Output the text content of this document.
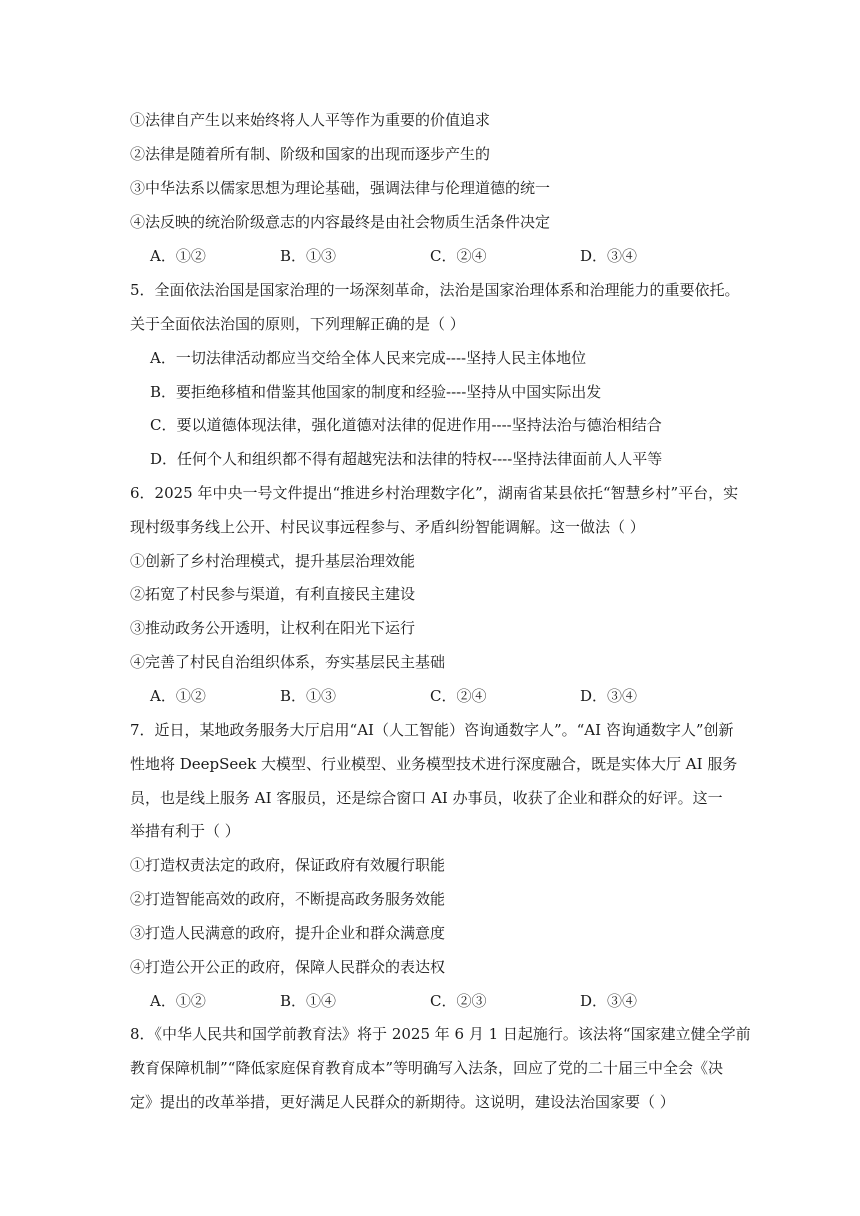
①法律自产生以来始终将人人平等作为重要的价值追求
②法律是随着所有制、阶级和国家的出现而逐步产生的
③中华法系以儒家思想为理论基础，强调法律与伦理道德的统一
④法反映的统治阶级意志的内容最终是由社会物质生活条件决定
A．①②	B．①③	C．②④	D．③④
5．全面依法治国是国家治理的一场深刻革命，法治是国家治理体系和治理能力的重要依托。
关于全面依法治国的原则，下列理解正确的是（ ）
A．一切法律活动都应当交给全体人民来完成----坚持人民主体地位
B．要拒绝移植和借鉴其他国家的制度和经验----坚持从中国实际出发
C．要以道德体现法律，强化道德对法律的促进作用----坚持法治与德治相结合
D．任何个人和组织都不得有超越宪法和法律的特权----坚持法律面前人人平等
6．2025 年中央一号文件提出“推进乡村治理数字化”，湖南省某县依托“智慧乡村”平台，实
现村级事务线上公开、村民议事远程参与、矛盾纠纷智能调解。这一做法（ ）
①创新了乡村治理模式，提升基层治理效能
②拓宽了村民参与渠道，有利直接民主建设
③推动政务公开透明，让权利在阳光下运行
④完善了村民自治组织体系，夯实基层民主基础
A．①②	B．①③	C．②④	D．③④
7．近日，某地政务服务大厅启用“AI（人工智能）咨询通数字人”。“AI 咨询通数字人”创新
性地将 DeepSeek 大模型、行业模型、业务模型技术进行深度融合，既是实体大厅 AI 服务
员，也是线上服务 AI 客服员，还是综合窗口 AI 办事员，收获了企业和群众的好评。这一
举措有利于（ ）
①打造权责法定的政府，保证政府有效履行职能
②打造智能高效的政府，不断提高政务服务效能
③打造人民满意的政府，提升企业和群众满意度
④打造公开公正的政府，保障人民群众的表达权
A．①②	B．①④	C．②③	D．③④
8．《中华人民共和国学前教育法》将于 2025 年 6 月 1 日起施行。该法将“国家建立健全学前
教育保障机制”“降低家庭保育教育成本”等明确写入法条，回应了党的二十届三中全会《决
定》提出的改革举措，更好满足人民群众的新期待。这说明，建设法治国家要（ ）
